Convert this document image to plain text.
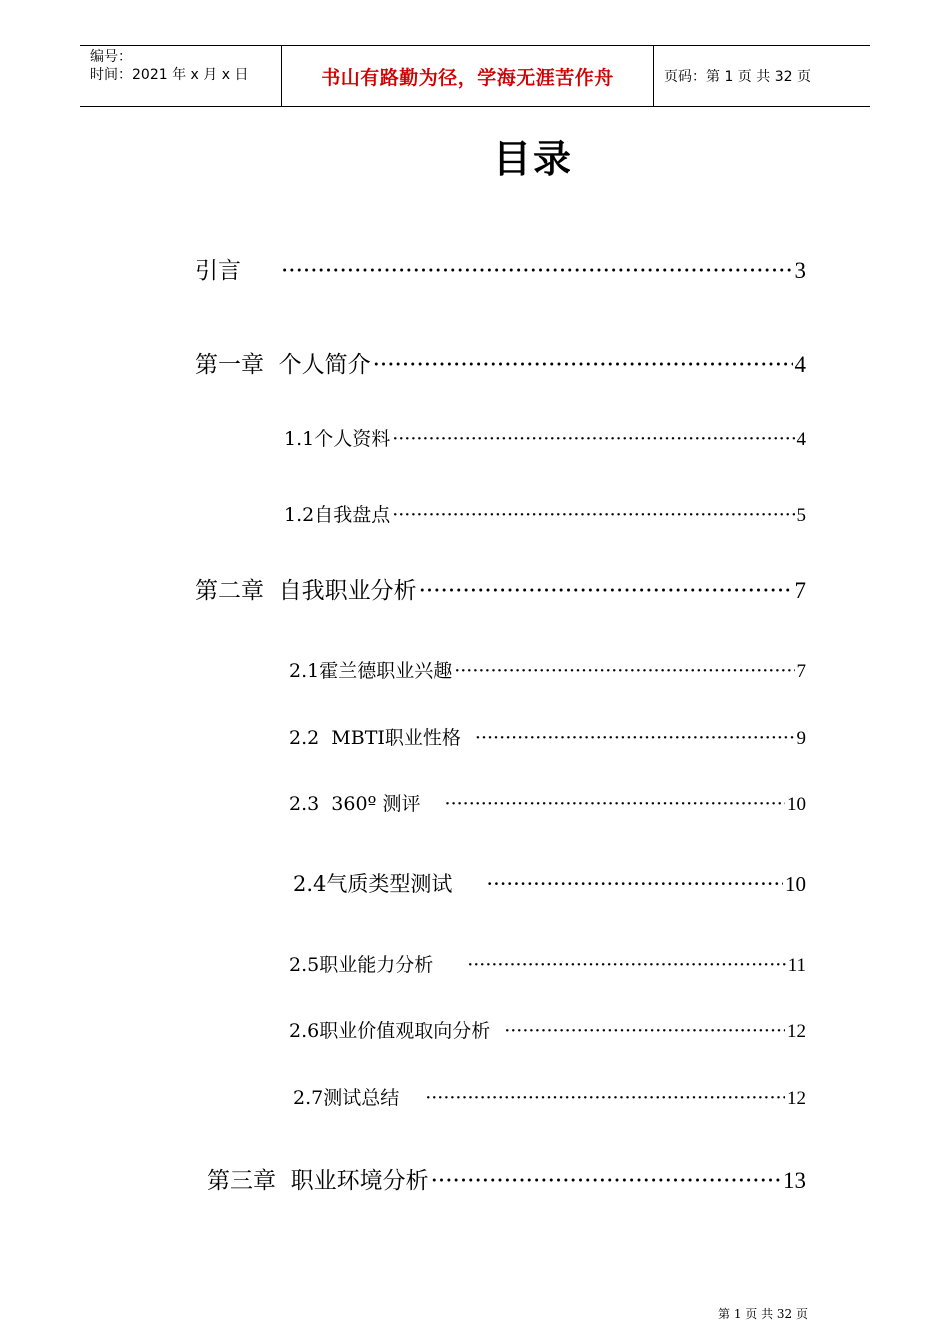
编号：
时间：2021 年 x 月 x 日	书山有路勤为径，学海无涯苦作舟	页码：第 1 页 共 32 页
目录
引言 ·····	3
第一章  个人简介 ·····	4
1.1个人资料 ·····	4
1.2自我盘点 ·····	5
第二章  自我职业分析 ·····	7
2.1霍兰德职业兴趣 ·····	7
2.2  MBTI职业性格 ·····	9
2.3  360º 测评 ·····	10
2.4气质类型测试 ·····	10
2.5职业能力分析 ·····	11
2.6职业价值观取向分析 ·····	12
2.7测试总结 ·····	12
第三章  职业环境分析 ·····	13
第 1 页 共 32 页
